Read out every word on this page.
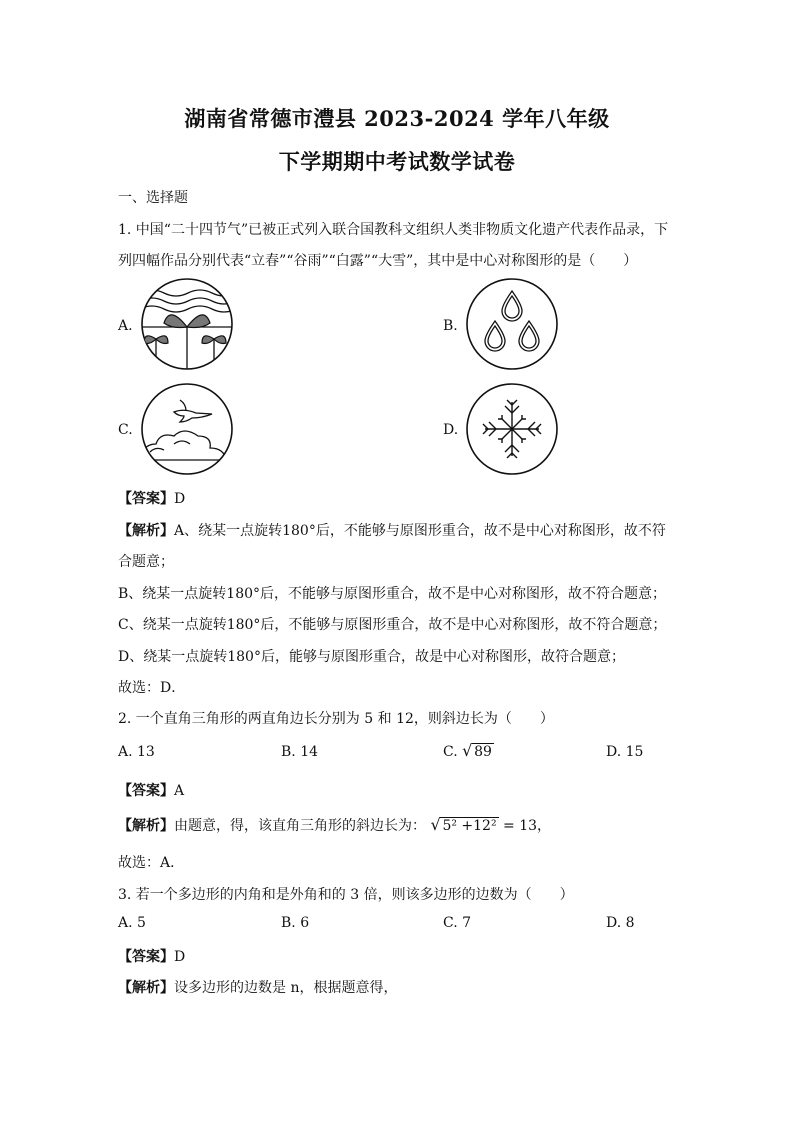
湖南省常德市澧县 2023-2024 学年八年级
下学期期中考试数学试卷
一、选择题
1. 中国“二十四节气”已被正式列入联合国教科文组织人类非物质文化遗产代表作品录，下
列四幅作品分别代表“立春”“谷雨”“白露”“大雪”，其中是中心对称图形的是（　　）
A.	B.
C.	D.
【答案】D
【解析】A、绕某一点旋转180°后，不能够与原图形重合，故不是中心对称图形，故不符
合题意；
B、绕某一点旋转180°后，不能够与原图形重合，故不是中心对称图形，故不符合题意；
C、绕某一点旋转180°后，不能够与原图形重合，故不是中心对称图形，故不符合题意；
D、绕某一点旋转180°后，能够与原图形重合，故是中心对称图形，故符合题意；
故选：D．
2. 一个直角三角形的两直角边长分别为 5 和 12，则斜边长为（　　）
A. 13	B. 14	C. √ 89	D. 15
【答案】A
【解析】由题意，得，该直角三角形的斜边长为： √ 5² +12² = 13，
故选：A．
3. 若一个多边形的内角和是外角和的 3 倍，则该多边形的边数为（　　）
A. 5	B. 6	C. 7	D. 8
【答案】D
【解析】设多边形的边数是 n，根据题意得，
